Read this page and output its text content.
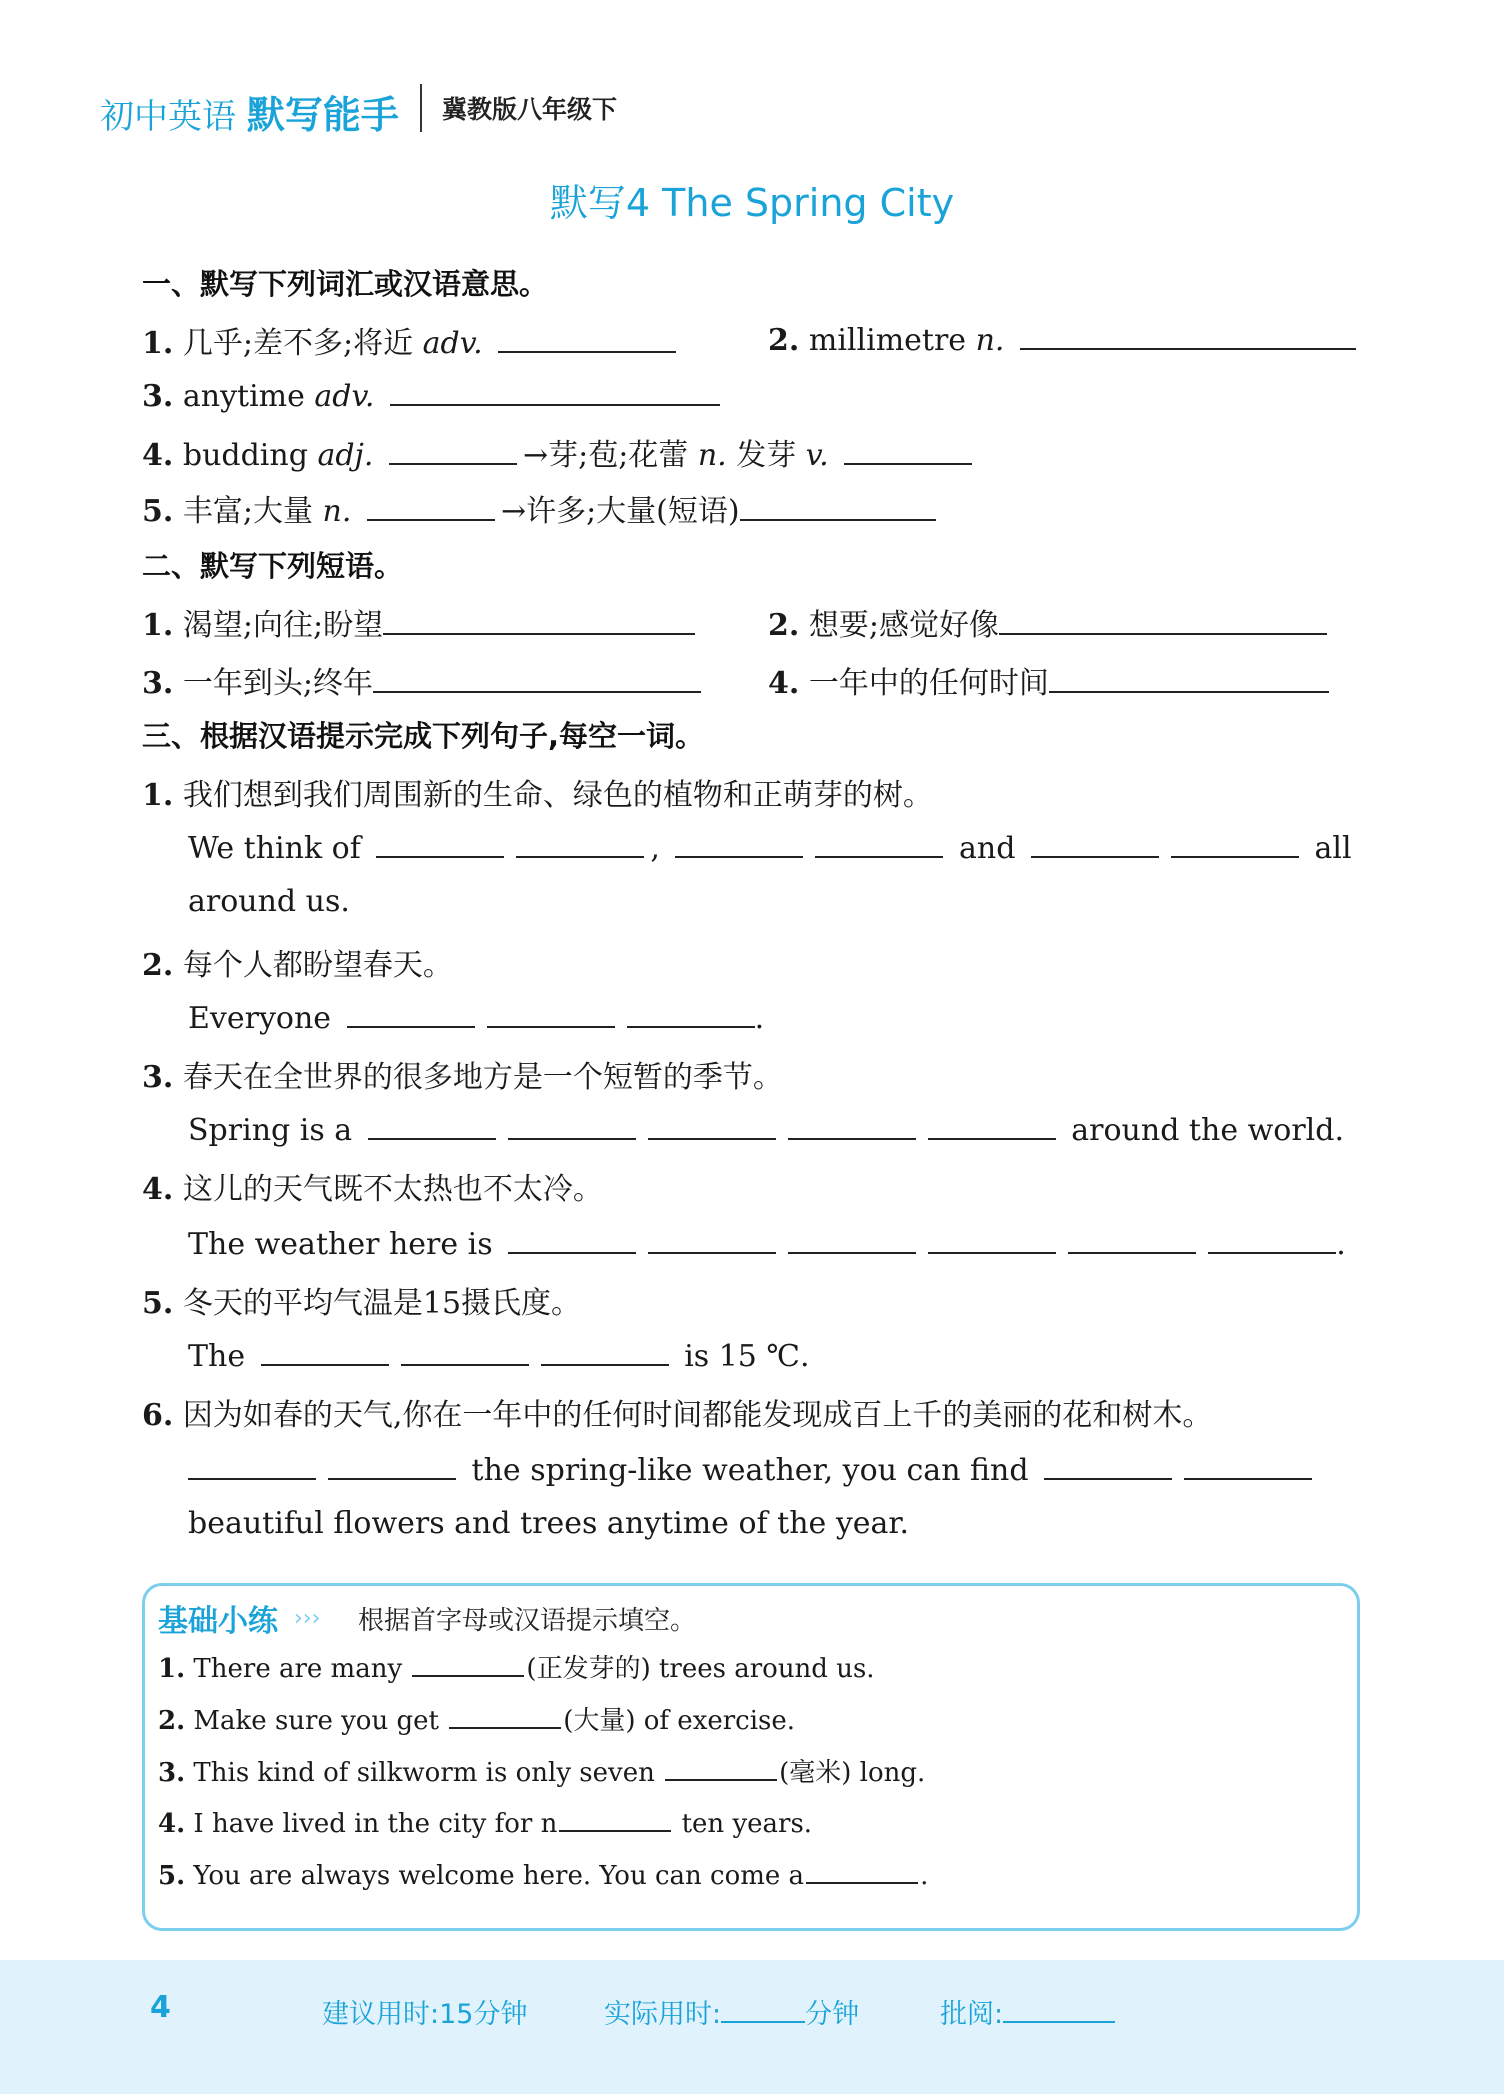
初中英语 默写能手 冀教版八年级下
默写4 The Spring City
一、默写下列词汇或汉语意思。
1. 几乎;差不多;将近 adv.	2. millimetre n.
3. anytime adv.
4. budding adj.	→芽;苞;花蕾 n. 发芽 v.
5. 丰富;大量 n.	→许多;大量(短语)
二、默写下列短语。
1. 渴望;向往;盼望	2. 想要;感觉好像
3. 一年到头;终年	4. 一年中的任何时间
三、根据汉语提示完成下列句子,每空一词。
1. 我们想到我们周围新的生命、绿色的植物和正萌芽的树。
We think of	,	and	all
around us.
2. 每个人都盼望春天。
Everyone	.
3. 春天在全世界的很多地方是一个短暂的季节。
Spring is a	around the world.
4. 这儿的天气既不太热也不太冷。
The weather here is	.
5. 冬天的平均气温是15摄氏度。
The	is 15 ℃.
6. 因为如春的天气,你在一年中的任何时间都能发现成百上千的美丽的花和树木。
the spring-like weather, you can find
beautiful flowers and trees anytime of the year.
基础小练 ››› 根据首字母或汉语提示填空。
1. There are many	(正发芽的) trees around us.
2. Make sure you get	(大量) of exercise.
3. This kind of silkworm is only seven	(毫米) long.
4. I have lived in the city for n	ten years.
5. You are always welcome here. You can come a	.
4	建议用时:15分钟	实际用时:	分钟	批阅:
